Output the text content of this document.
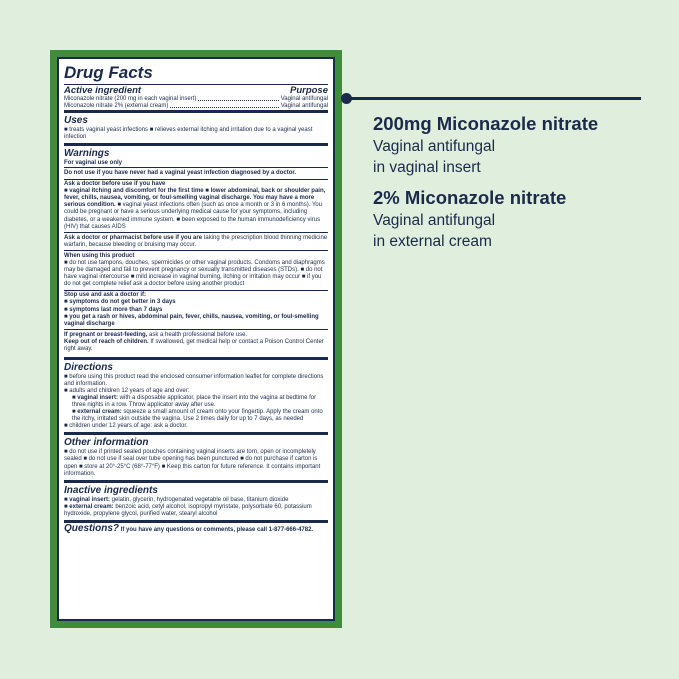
Drug Facts
Active ingredient	Purpose
Miconazole nitrate (200 mg in each vaginal insert)	Vaginal antifungal
Miconazole nitrate 2% (external cream)	Vaginal antifungal
Uses
■ treats vaginal yeast infections ■ relieves external itching and irritation due to a vaginal yeast infection
Warnings
For vaginal use only
Do not use if you have never had a vaginal yeast infection diagnosed by a doctor.
Ask a doctor before use if you have
■ vaginal itching and discomfort for the first time ■ lower abdominal, back or shoulder pain, fever, chills, nausea, vomiting, or foul-smelling vaginal discharge. You may have a more serious condition. ■ vaginal yeast infections often (such as once a month or 3 in 6 months). You could be pregnant or have a serious underlying medical cause for your symptoms, including diabetes, or a weakened immune system. ■ been exposed to the human immunodeficiency virus (HIV) that causes AIDS
Ask a doctor or pharmacist before use if you are taking the prescription blood thinning medicine warfarin, because bleeding or bruising may occur.
When using this product
■ do not use tampons, douches, spermicides or other vaginal products. Condoms and diaphragms may be damaged and fail to prevent pregnancy or sexually transmitted diseases (STDs). ■ do not have vaginal intercourse ■ mild increase in vaginal burning, itching or irritation may occur ■ if you do not get complete relief ask a doctor before using another product
Stop use and ask a doctor if:
■ symptoms do not get better in 3 days
■ symptoms last more than 7 days
■ you get a rash or hives, abdominal pain, fever, chills, nausea, vomiting, or foul-smelling vaginal discharge
If pregnant or breast-feeding, ask a health professional before use.
Keep out of reach of children. If swallowed, get medical help or contact a Poison Control Center right away.
Directions
■ before using this product read the enclosed consumer information leaflet for complete directions and information.
■ adults and children 12 years of age and over:
■ vaginal insert: with a disposable applicator, place the insert into the vagina at bedtime for three nights in a row. Throw applicator away after use.
■ external cream: squeeze a small amount of cream onto your fingertip. Apply the cream onto the itchy, irritated skin outside the vagina. Use 2 times daily for up to 7 days, as needed
■ children under 12 years of age: ask a doctor.
Other information
■ do not use if printed sealed pouches containing vaginal inserts are torn, open or incompletely sealed ■ do not use if seal over tube opening has been punctured ■ do not purchase if carton is open ■ store at 20°-25°C (68°-77°F) ■ Keep this carton for future reference. It contains important information.
Inactive ingredients
■ vaginal insert: gelatin, glycerin, hydrogenated vegetable oil base, titanium dioxide
■ external cream: benzoic acid, cetyl alcohol, isopropyl myristate, polysorbate 60, potassium hydroxide, propylene glycol, purified water, stearyl alcohol
Questions? If you have any questions or comments, please call 1-877-666-4782.
200mg Miconazole nitrate
Vaginal antifungal
in vaginal insert
2% Miconazole nitrate
Vaginal antifungal
in external cream
